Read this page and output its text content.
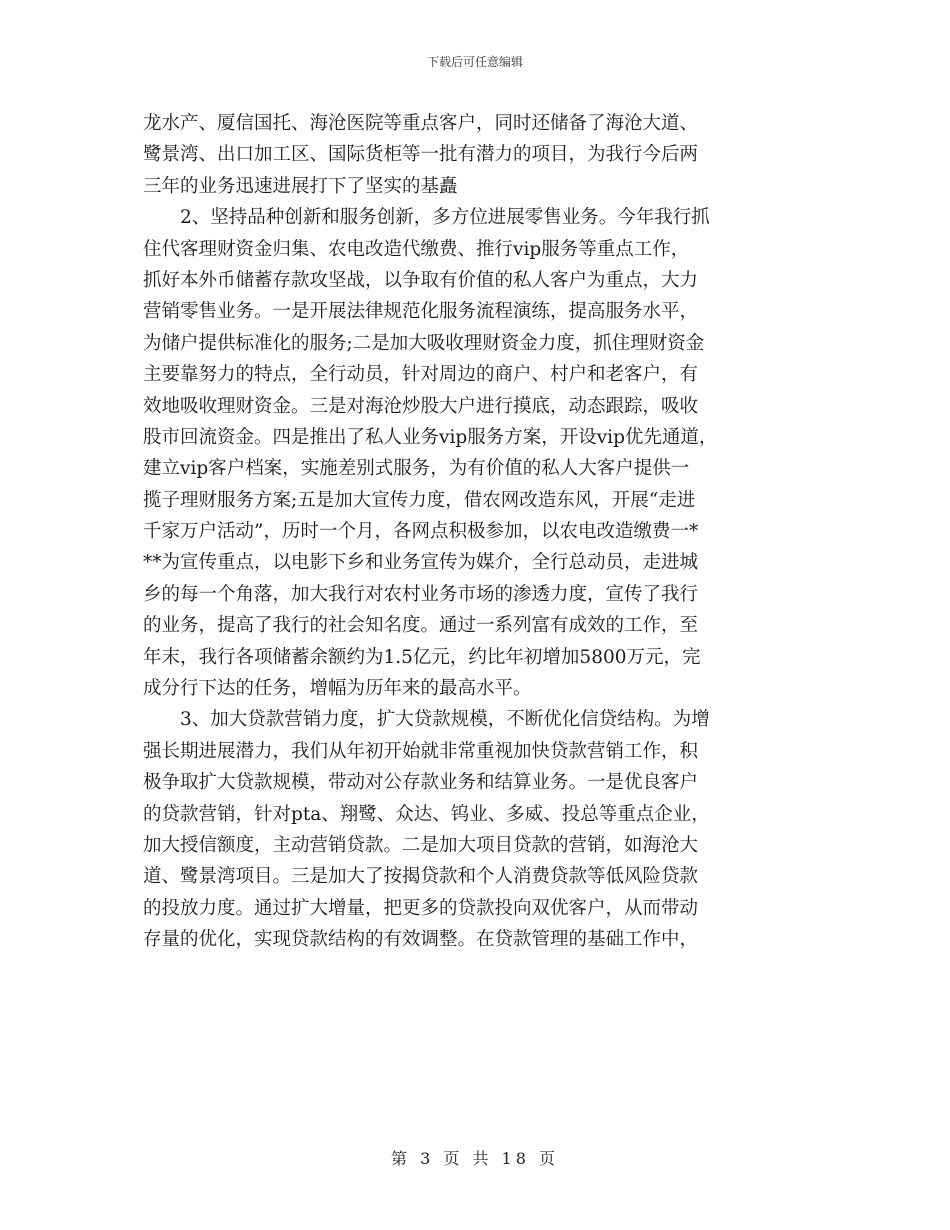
下载后可任意编辑
龙水产、厦信国托、海沧医院等重点客户，同时还储备了海沧大道、
鹭景湾、出口加工区、国际货柜等一批有潜力的项目，为我行今后两
三年的业务迅速进展打下了坚实的基矗
2、坚持品种创新和服务创新，多方位进展零售业务。今年我行抓
住代客理财资金归集、农电改造代缴费、推行vip服务等重点工作，
抓好本外币储蓄存款攻坚战，以争取有价值的私人客户为重点，大力
营销零售业务。一是开展法律规范化服务流程演练，提高服务水平，
为储户提供标准化的服务;二是加大吸收理财资金力度，抓住理财资金
主要靠努力的特点，全行动员，针对周边的商户、村户和老客户，有
效地吸收理财资金。三是对海沧炒股大户进行摸底，动态跟踪，吸收
股市回流资金。四是推出了私人业务vip服务方案，开设vip优先通道，
建立vip客户档案，实施差别式服务，为有价值的私人大客户提供一
揽子理财服务方案;五是加大宣传力度，借农网改造东风，开展“走进
千家万户活动”，历时一个月，各网点积极参加，以农电改造缴费一*
**为宣传重点，以电影下乡和业务宣传为媒介，全行总动员，走进城
乡的每一个角落，加大我行对农村业务市场的渗透力度，宣传了我行
的业务，提高了我行的社会知名度。通过一系列富有成效的工作，至
年末，我行各项储蓄余额约为1.5亿元，约比年初增加5800万元，完
成分行下达的任务，增幅为历年来的最高水平。
3、加大贷款营销力度，扩大贷款规模，不断优化信贷结构。为增
强长期进展潜力，我们从年初开始就非常重视加快贷款营销工作，积
极争取扩大贷款规模，带动对公存款业务和结算业务。一是优良客户
的贷款营销，针对pta、翔鹭、众达、钨业、多威、投总等重点企业，
加大授信额度，主动营销贷款。二是加大项目贷款的营销，如海沧大
道、鹭景湾项目。三是加大了按揭贷款和个人消费贷款等低风险贷款
的投放力度。通过扩大增量，把更多的贷款投向双优客户，从而带动
存量的优化，实现贷款结构的有效调整。在贷款管理的基础工作中，
第 3 页 共 18 页
